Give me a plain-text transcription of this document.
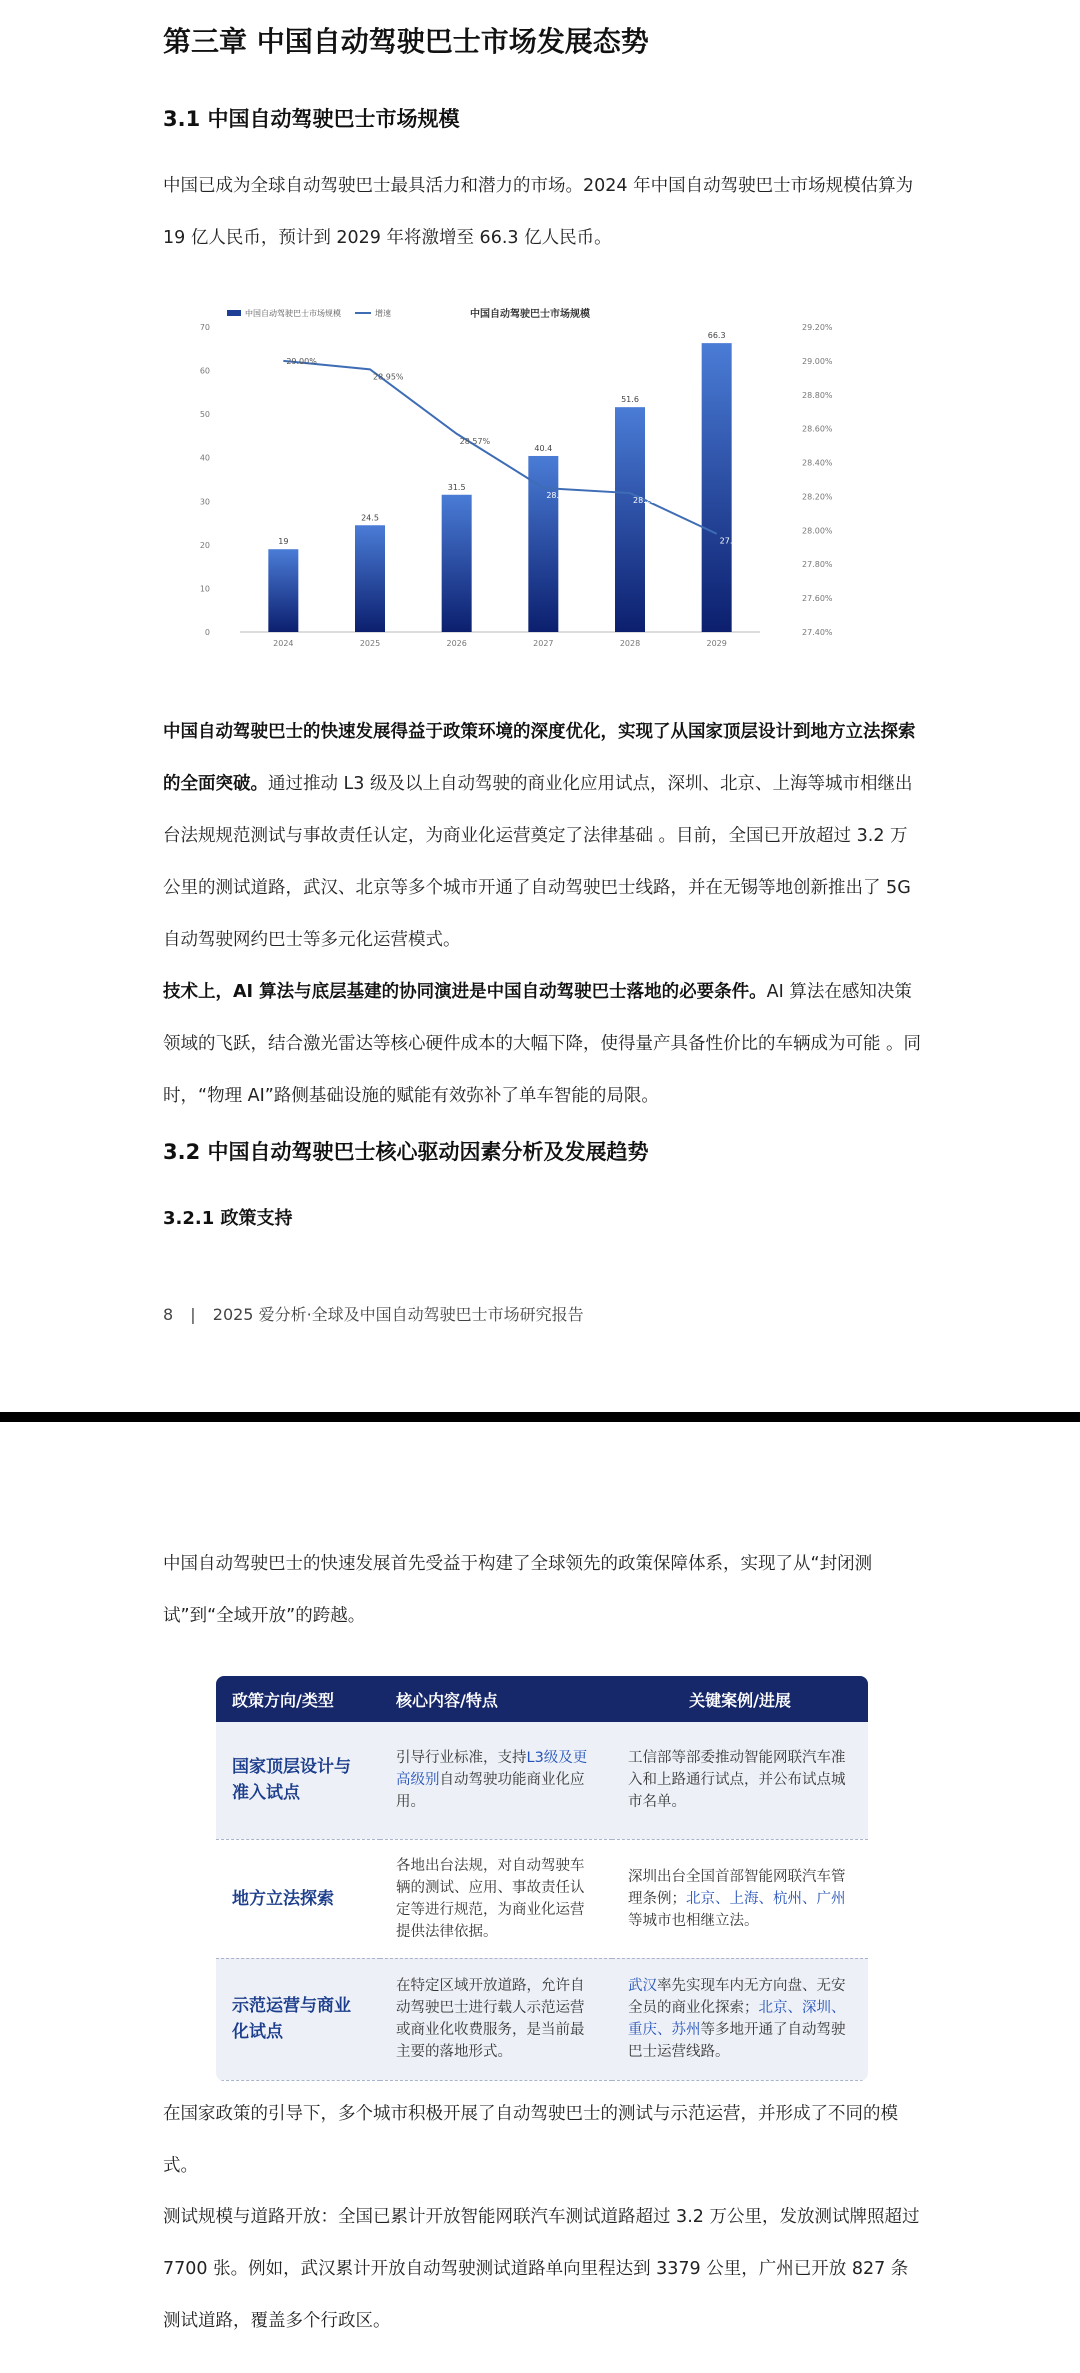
第三章 中国自动驾驶巴士市场发展态势
3.1 中国自动驾驶巴士市场规模

中国已成为全球自动驾驶巴士最具活力和潜力的市场。2024 年中国自动驾驶巴士市场规模估算为 19 亿人民币，预计到 2029 年将激增至 66.3 亿人民币。

中国自动驾驶巴士市场规模	增速	中国自动驾驶巴士市场规模
0
10
20
30
40
50
60
70
27.40%
27.60%
27.80%
28.00%
28.20%
28.40%
28.60%
28.80%
29.00%
29.20%
2024	2025	2026	2027	2028	2029
19
24.5
31.5
40.4
51.6
66.3
29.00%
28.95%
28.57%
28.25%
28.22%
27.98%

中国自动驾驶巴士的快速发展得益于政策环境的深度优化，实现了从国家顶层设计到地方立法探索的全面突破。通过推动 L3 级及以上自动驾驶的商业化应用试点，深圳、北京、上海等城市相继出台法规规范测试与事故责任认定，为商业化运营奠定了法律基础 。目前，全国已开放超过 3.2 万公里的测试道路，武汉、北京等多个城市开通了自动驾驶巴士线路，并在无锡等地创新推出了 5G 自动驾驶网约巴士等多元化运营模式。

技术上，AI 算法与底层基建的协同演进是中国自动驾驶巴士落地的必要条件。AI 算法在感知决策领域的飞跃，结合激光雷达等核心硬件成本的大幅下降，使得量产具备性价比的车辆成为可能 。同时，“物理 AI”路侧基础设施的赋能有效弥补了单车智能的局限。

3.2 中国自动驾驶巴士核心驱动因素分析及发展趋势
3.2.1 政策支持
8 | 2025 爱分析·全球及中国自动驾驶巴士市场研究报告

中国自动驾驶巴士的快速发展首先受益于构建了全球领先的政策保障体系，实现了从“封闭测试”到“全域开放”的跨越。

政策方向/类型	核心内容/特点	关键案例/进展
国家顶层设计与准入试点	引导行业标准，支持L3级及更高级别自动驾驶功能商业化应用。	工信部等部委推动智能网联汽车准入和上路通行试点，并公布试点城市名单。
地方立法探索	各地出台法规，对自动驾驶车辆的测试、应用、事故责任认定等进行规范，为商业化运营提供法律依据。	深圳出台全国首部智能网联汽车管理条例；北京、上海、杭州、广州等城市也相继立法。
示范运营与商业化试点	在特定区域开放道路，允许自动驾驶巴士进行载人示范运营或商业化收费服务，是当前最主要的落地形式。	武汉率先实现车内无方向盘、无安全员的商业化探索；北京、深圳、重庆、苏州等多地开通了自动驾驶巴士运营线路。

在国家政策的引导下，多个城市积极开展了自动驾驶巴士的测试与示范运营，并形成了不同的模式。

测试规模与道路开放：全国已累计开放智能网联汽车测试道路超过 3.2 万公里，发放测试牌照超过 7700 张。例如，武汉累计开放自动驾驶测试道路单向里程达到 3379 公里，广州已开放 827 条测试道路，覆盖多个行政区。
